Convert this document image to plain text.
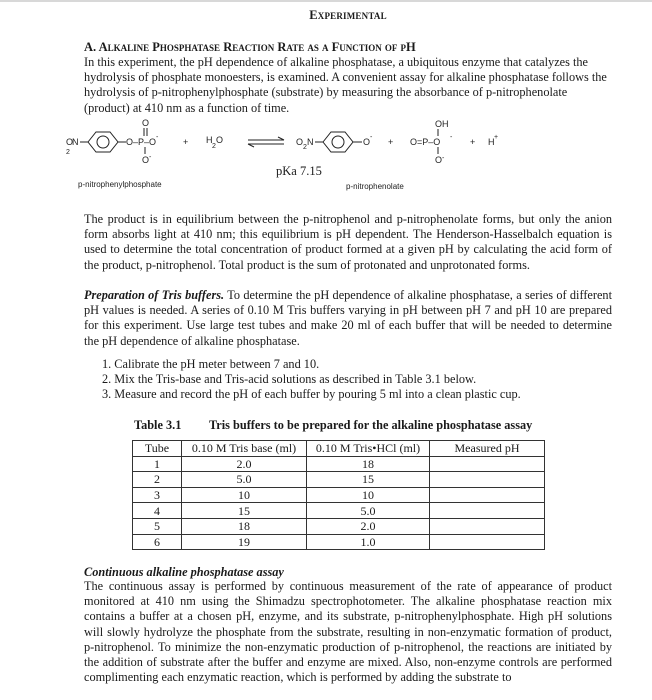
Experimental
A. Alkaline Phosphatase Reaction Rate as a Function of pH

In this experiment, the pH dependence of alkaline phosphatase, a ubiquitous enzyme that catalyzes the hydrolysis of phosphate monoesters, is examined. A convenient assay for alkaline phosphatase follows the hydrolysis of p-nitrophenylphosphate (substrate) by measuring the absorbance of p-nitrophenolate (product) at 410 nm as a function of time.

O
2
N	O–P–O -
O
O -
+ H
2
O	O
2
N	O - +
OH
O=P–O -
O -
+ H +
p-nitrophenylphosphate
pKa 7.15
p-nitrophenolate

The product is in equilibrium between the p-nitrophenol and p-nitrophenolate forms, but only the anion form absorbs light at 410 nm; this equilibrium is pH dependent. The Henderson-Hasselbalch equation is used to determine the total concentration of product formed at a given pH by calculating the acid form of the product, p-nitrophenol. Total product is the sum of protonated and unprotonated forms.

Preparation of Tris buffers. To determine the pH dependence of alkaline phosphatase, a series of different pH values is needed. A series of 0.10 M Tris buffers varying in pH between pH 7 and pH 10 are prepared for this experiment. Use large test tubes and make 20 ml of each buffer that will be needed to determine the pH dependence of alkaline phosphatase.

1. Calibrate the pH meter between 7 and 10.
2. Mix the Tris-base and Tris-acid solutions as described in Table 3.1 below.
3. Measure and record the pH of each buffer by pouring 5 ml into a clean plastic cup.
Table 3.1 Tris buffers to be prepared for the alkaline phosphatase assay
Tube	0.10 M Tris base (ml)	0.10 M Tris•HCl (ml)	Measured pH
1	2.0	18	
2	5.0	15	
3	10	10	
4	15	5.0	
5	18	2.0	
6	19	1.0	
Continuous alkaline phosphatase assay

The continuous assay is performed by continuous measurement of the rate of appearance of product monitored at 410 nm using the Shimadzu spectrophotometer. The alkaline phosphatase reaction mix contains a buffer at a chosen pH, enzyme, and its substrate, p-nitrophenylphosphate. High pH solutions will slowly hydrolyze the phosphate from the substrate, resulting in non-enzymatic formation of product, p-nitrophenol. To minimize the non-enzymatic production of p-nitrophenol, the reactions are initiated by the addition of substrate after the buffer and enzyme are mixed. Also, non-enzyme controls are performed complimenting each enzymatic reaction, which is performed by adding the substrate to
